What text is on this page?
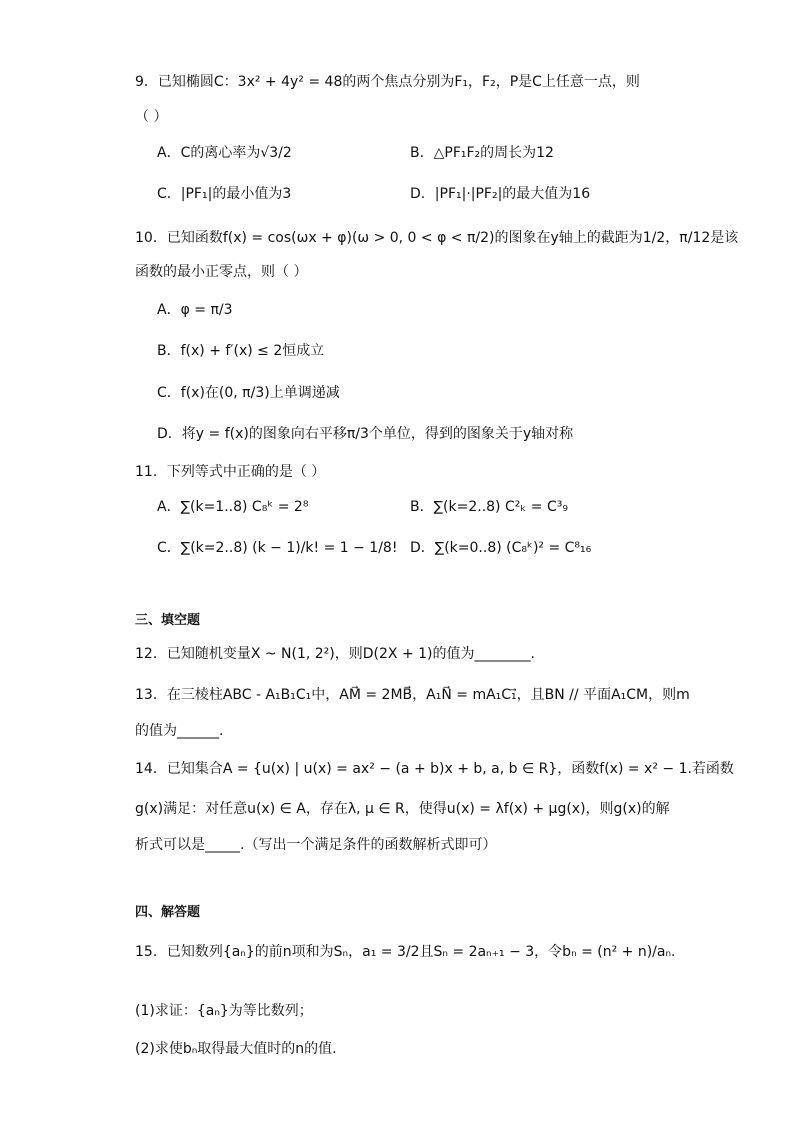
9．已知椭圆C：3x² + 4y² = 48的两个焦点分别为F₁，F₂，P是C上任意一点，则
（ ）
A．C的离心率为√3/2	B．△PF₁F₂的周长为12
C．|PF₁|的最小值为3	D．|PF₁|·|PF₂|的最大值为16
10．已知函数f(x) = cos(ωx + φ)(ω > 0, 0 < φ < π/2)的图象在y轴上的截距为1/2，π/12是该
函数的最小正零点，则（ ）
A．φ = π/3
B．f(x) + f′(x) ≤ 2恒成立
C．f(x)在(0, π/3)上单调递减
D．将y = f(x)的图象向右平移π/3个单位，得到的图象关于y轴对称
11．下列等式中正确的是（ ）
A．∑(k=1..8) C₈ᵏ = 2⁸	B．∑(k=2..8) C²ₖ = C³₉
C．∑(k=2..8) (k − 1)/k! = 1 − 1/8! D．∑(k=0..8) (C₈ᵏ)² = C⁸₁₆
三、填空题
12．已知随机变量X ~ N(1, 2²)，则D(2X + 1)的值为________.
13．在三棱柱ABC - A₁B₁C₁中，AM⃗ = 2MB⃗，A₁N⃗ = mA₁C₁⃗，且BN // 平面A₁CM，则m
的值为______.
14．已知集合A = {u(x) | u(x) = ax² − (a + b)x + b, a, b ∈ R}，函数f(x) = x² − 1.若函数
g(x)满足：对任意u(x) ∈ A，存在λ, μ ∈ R，使得u(x) = λf(x) + μg(x)，则g(x)的解
析式可以是_____.（写出一个满足条件的函数解析式即可）
四、解答题
15．已知数列{aₙ}的前n项和为Sₙ，a₁ = 3/2且Sₙ = 2aₙ₊₁ − 3，令bₙ = (n² + n)/aₙ.
(1)求证：{aₙ}为等比数列；
(2)求使bₙ取得最大值时的n的值.
